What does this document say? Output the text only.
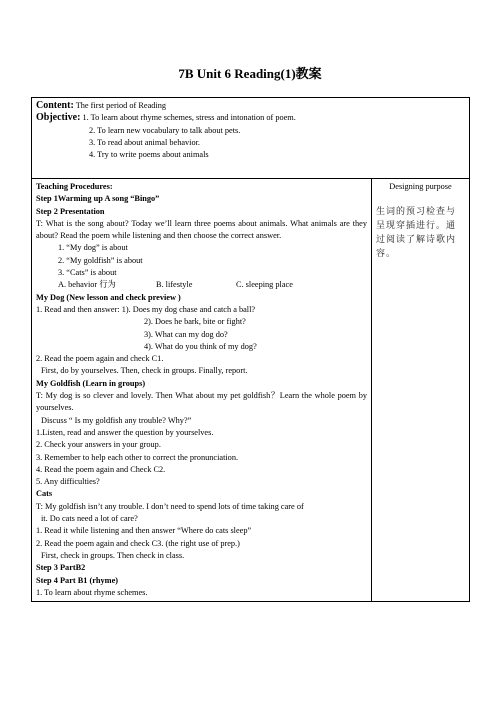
7B Unit 6 Reading(1)教案
Content: The first period of Reading
Objective: 1. To learn about rhyme schemes, stress and intonation of poem.
2. To learn new vocabulary to talk about pets.
3. To read about animal behavior.
4. Try to write poems about animals

Teaching Procedures:
Step 1Warming up A song “Bingo”
Step 2 Presentation
T: What is the song about? Today we’ll learn three poems about animals. What animals are they about? Read the poem while listening and then choose the correct answer.
1. “My dog” is about
2. “My goldfish” is about
3. “Cats” is about
A. behavior 行为	B. lifestyle	C. sleeping place
My Dog (New lesson and check preview )
1. Read and then answer: 1). Does my dog chase and catch a ball?
2). Does he bark, bite or fight?
3). What can my dog do?
4). What do you think of my dog?
2. Read the poem again and check C1.
First, do by yourselves. Then, check in groups. Finally, report.
My Goldfish (Learn in groups)
T: My dog is so clever and lovely. Then What about my pet goldfish？Learn the whole poem by yourselves.
Discuss “ Is my goldfish any trouble? Why?”
1.Listen, read and answer the question by yourselves.
2. Check your answers in your group.
3. Remember to help each other to correct the pronunciation.
4. Read the poem again and Check C2.
5. Any difficulties?
Cats
T: My goldfish isn’t any trouble. I don’t need to spend lots of time taking care of
it. Do cats need a lot of care?
1. Read it while listening and then answer “Where do cats sleep”
2. Read the poem again and check C3. (the right use of prep.)
First, check in groups. Then check in class.
Step 3 PartB2
Step 4 Part B1 (rhyme)
1. To learn about rhyme schemes.

Designing purpose
生词的预习检查与呈现穿插进行。通过阅读了解诗歌内容。
